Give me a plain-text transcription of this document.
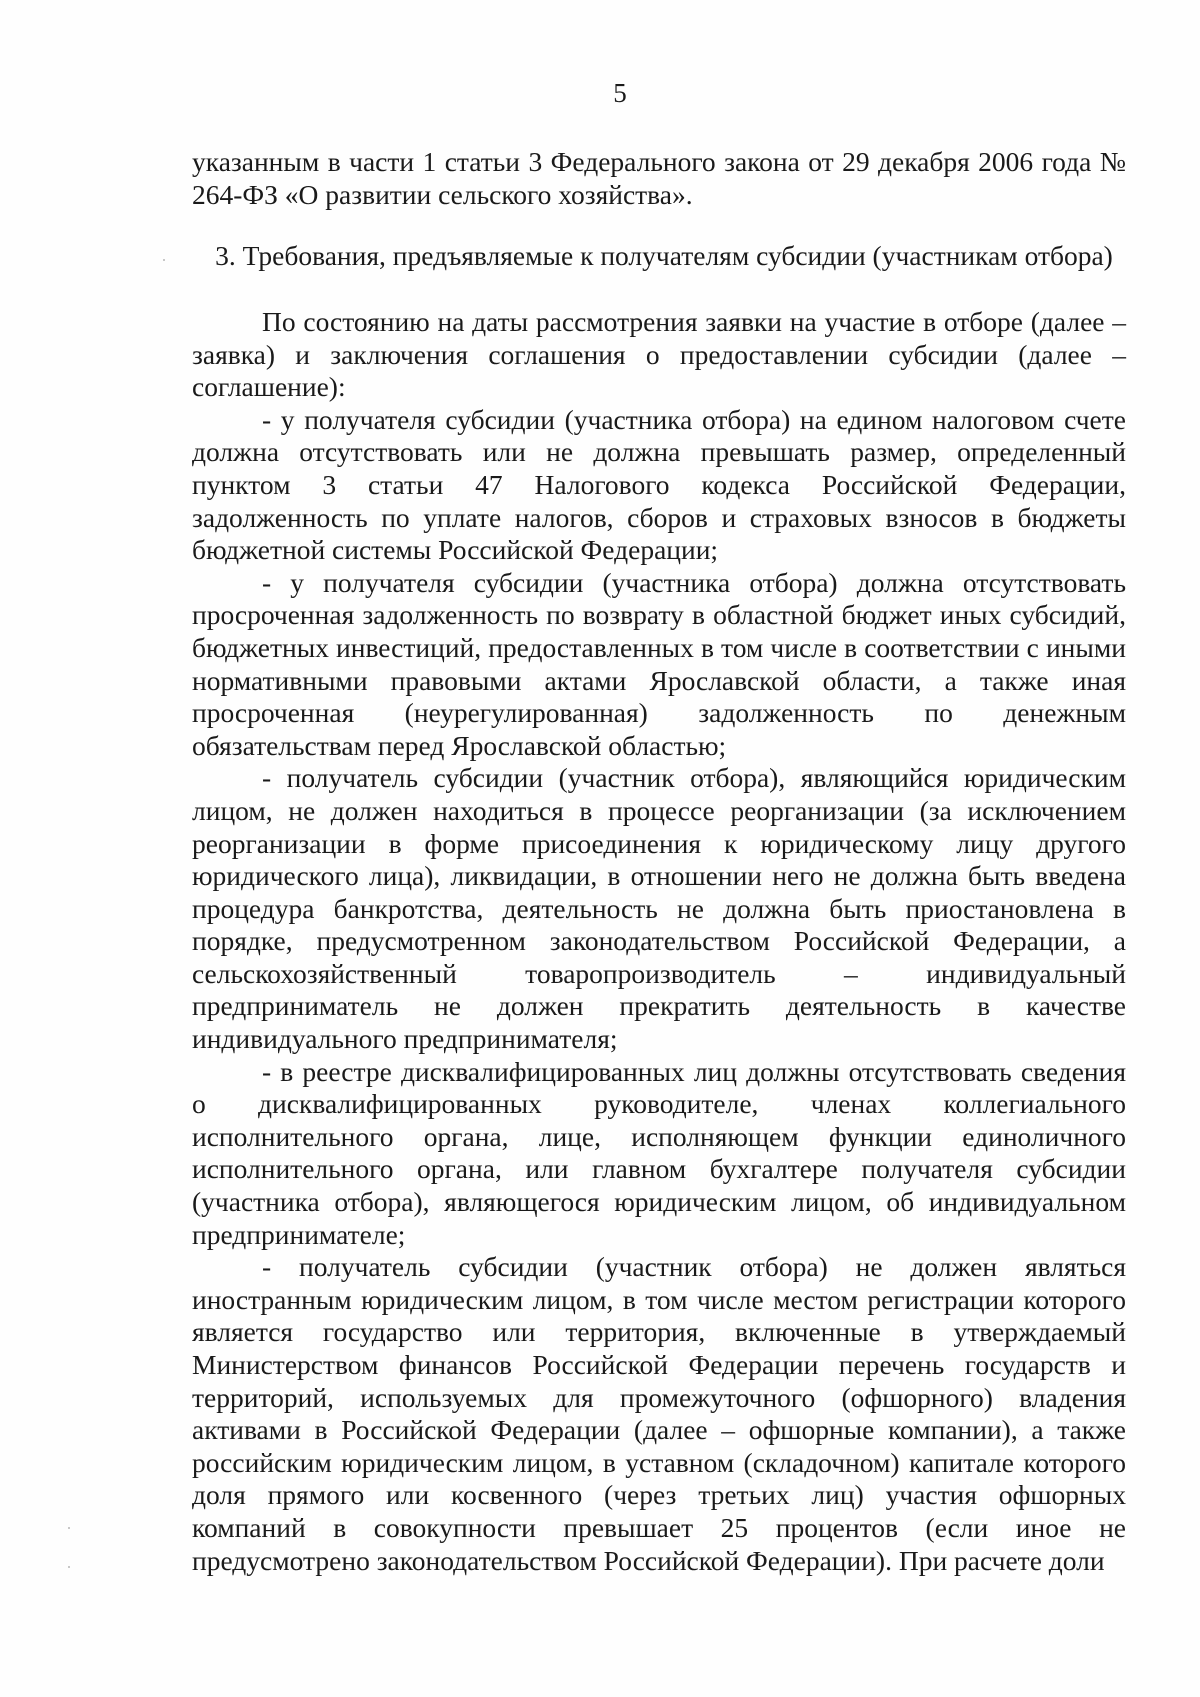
5
указанным в части 1 статьи 3 Федерального закона от 29 декабря 2006 года № 264-ФЗ «О развитии сельского хозяйства».
3. Требования, предъявляемые к получателям субсидии (участникам отбора)

По состоянию на даты рассмотрения заявки на участие в отборе (далее – заявка) и заключения соглашения о предоставлении субсидии (далее – соглашение):

- у получателя субсидии (участника отбора) на едином налоговом счете должна отсутствовать или не должна превышать размер, определенный пунктом 3 статьи 47 Налогового кодекса Российской Федерации, задолженность по уплате налогов, сборов и страховых взносов в бюджеты бюджетной системы Российской Федерации;

- у получателя субсидии (участника отбора) должна отсутствовать просроченная задолженность по возврату в областной бюджет иных субсидий, бюджетных инвестиций, предоставленных в том числе в соответствии с иными нормативными правовыми актами Ярославской области, а также иная просроченная (неурегулированная) задолженность по денежным обязательствам перед Ярославской областью;

- получатель субсидии (участник отбора), являющийся юридическим лицом, не должен находиться в процессе реорганизации (за исключением реорганизации в форме присоединения к юридическому лицу другого юридического лица), ликвидации, в отношении него не должна быть введена процедура банкротства, деятельность не должна быть приостановлена в порядке, предусмотренном законодательством Российской Федерации, а сельскохозяйственный товаропроизводитель – индивидуальный предприниматель не должен прекратить деятельность в качестве индивидуального предпринимателя;

- в реестре дисквалифицированных лиц должны отсутствовать сведения о дисквалифицированных руководителе, членах коллегиального исполнительного органа, лице, исполняющем функции единоличного исполнительного органа, или главном бухгалтере получателя субсидии (участника отбора), являющегося юридическим лицом, об индивидуальном предпринимателе;

- получатель субсидии (участник отбора) не должен являться иностранным юридическим лицом, в том числе местом регистрации которого является государство или территория, включенные в утверждаемый Министерством финансов Российской Федерации перечень государств и территорий, используемых для промежуточного (офшорного) владения активами в Российской Федерации (далее – офшорные компании), а также российским юридическим лицом, в уставном (складочном) капитале которого доля прямого или косвенного (через третьих лиц) участия офшорных компаний в совокупности превышает 25 процентов (если иное не предусмотрено законодательством Российской Федерации). При расчете доли
